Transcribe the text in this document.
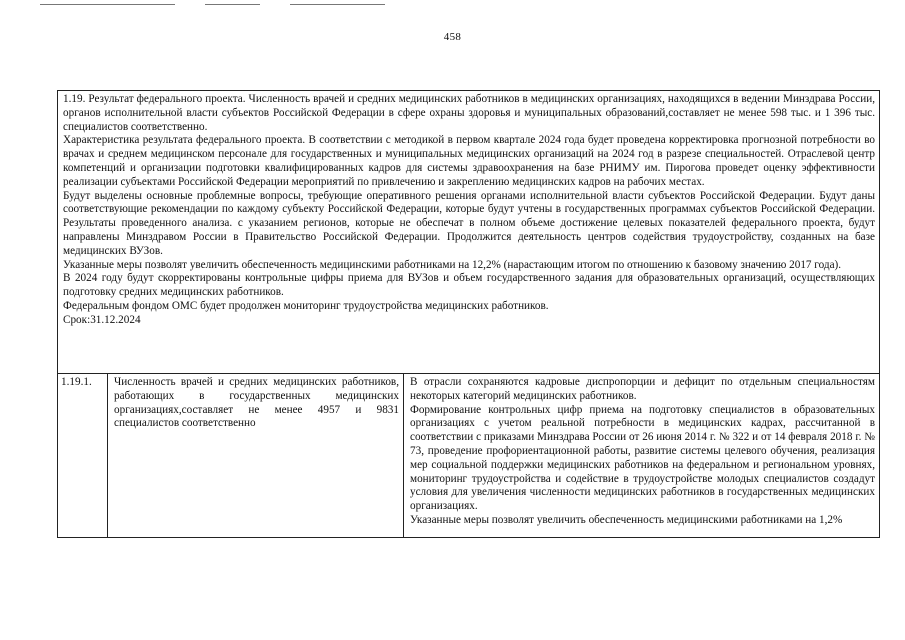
458

1.19. Результат федерального проекта. Численность врачей и средних медицинских работников в медицинских организациях, находящихся в ведении Минздрава России, органов исполнительной власти субъектов Российской Федерации в сфере охраны здоровья и муниципальных образований,составляет не менее 598 тыс. и 1 396 тыс. специалистов соответственно.

Характеристика результата федерального проекта. В соответствии с методикой в первом квартале 2024 года будет проведена корректировка прогнозной потребности во врачах и среднем медицинском персонале для государственных и муниципальных медицинских организаций на 2024 год в разрезе специальностей. Отраслевой центр компетенций и организации подготовки квалифицированных кадров для системы здравоохранения на базе РНИМУ им. Пирогова проведет оценку эффективности реализации субъектами Российской Федерации мероприятий по привлечению и закреплению медицинских кадров на рабочих местах.

Будут выделены основные проблемные вопросы, требующие оперативного решения органами исполнительной власти субъектов Российской Федерации. Будут даны соответствующие рекомендации по каждому субъекту Российской Федерации, которые будут учтены в государственных программах субъектов Российской Федерации. Результаты проведенного анализа. с указанием регионов, которые не обеспечат в полном объеме достижение целевых показателей федерального проекта, будут направлены Минздравом России в Правительство Российской Федерации. Продолжится деятельность центров содействия трудоустройству, созданных на базе медицинских ВУЗов.

Указанные меры позволят увеличить обеспеченность медицинскими работниками на 12,2% (нарастающим итогом по отношению к базовому значению 2017 года).

В 2024 году будут скорректированы контрольные цифры приема для ВУЗов и объем государственного задания для образовательных организаций, осуществляющих подготовку средних медицинских работников.

Федеральным фондом ОМС будет продолжен мониторинг трудоустройства медицинских работников.

Срок:31.12.2024

1.19.1.	Численность врачей и средних медицинских работников, работающих в государственных медицинских организациях,составляет не менее 4957 и 9831 специалистов соответственно

В отрасли сохраняются кадровые диспропорции и дефицит по отдельным специальностям некоторых категорий медицинских работников.

Формирование контрольных цифр приема на подготовку специалистов в образовательных организациях с учетом реальной потребности в медицинских кадрах, рассчитанной в соответствии с приказами Минздрава России от 26 июня 2014 г. № 322 и от 14 февраля 2018 г. № 73, проведение профориентационной работы, развитие системы целевого обучения, реализация мер социальной поддержки медицинских работников на федеральном и региональном уровнях, мониторинг трудоустройства и содействие в трудоустройстве молодых специалистов создадут условия для увеличения численности медицинских работников в государственных медицинских организациях.

Указанные меры позволят увеличить обеспеченность медицинскими работниками на 1,2%
